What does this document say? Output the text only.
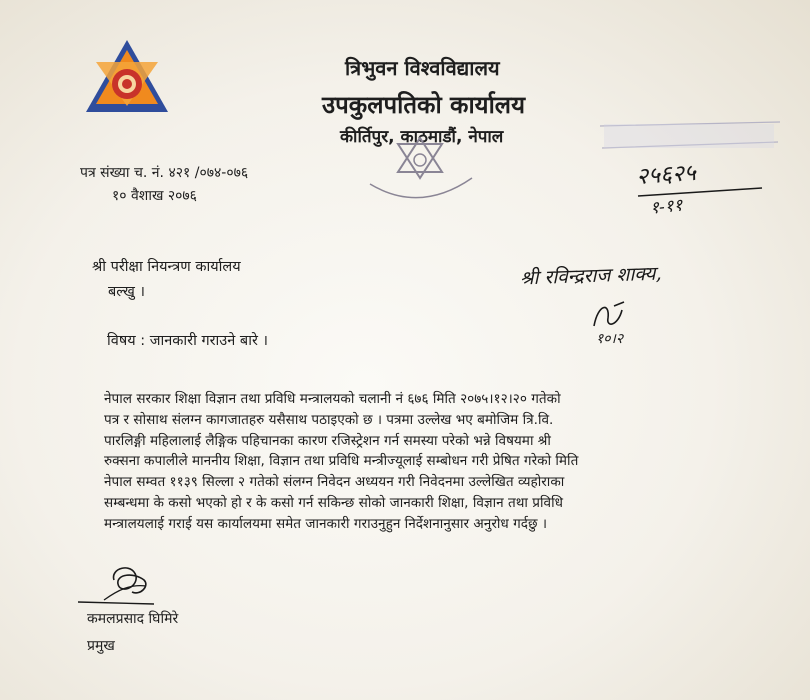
त्रिभुवन विश्वविद्यालय
उपकुलपतिको कार्यालय
कीर्तिपुर, काठमाडौं, नेपाल
पत्र संख्या च. नं. ४२१ /०७४-०७६
१० वैशाख २०७६
२५६२५
१-११
श्री परीक्षा नियन्त्रण कार्यालय
बल्खु ।
श्री रविन्द्रराज शाक्य,
१०।२
विषय : जानकारी गराउने बारे ।
नेपाल सरकार शिक्षा विज्ञान तथा प्रविधि मन्त्रालयको चलानी नं ६७६ मिति २०७५।१२।२० गतेको
पत्र र सोसाथ संलग्न कागजातहरु यसैसाथ पठाइएको छ । पत्रमा उल्लेख भए बमोजिम त्रि.वि.
पारलिङ्गी महिलालाई लैङ्गिक पहिचानका कारण रजिस्ट्रेशन गर्न समस्या परेको भन्ने विषयमा श्री
रुक्सना कपालीले माननीय शिक्षा, विज्ञान तथा प्रविधि मन्त्रीज्यूलाई सम्बोधन गरी प्रेषित गरेको मिति
नेपाल सम्वत ११३९ सिल्ला २ गतेको संलग्न निवेदन अध्ययन गरी निवेदनमा उल्लेखित व्यहोराका
सम्बन्धमा के कसो भएको हो र के कसो गर्न सकिन्छ सोको जानकारी शिक्षा, विज्ञान तथा प्रविधि
मन्त्रालयलाई गराई यस कार्यालयमा समेत जानकारी गराउनुहुन निर्देशनानुसार अनुरोध गर्दछु ।
कमलप्रसाद घिमिरे
प्रमुख
